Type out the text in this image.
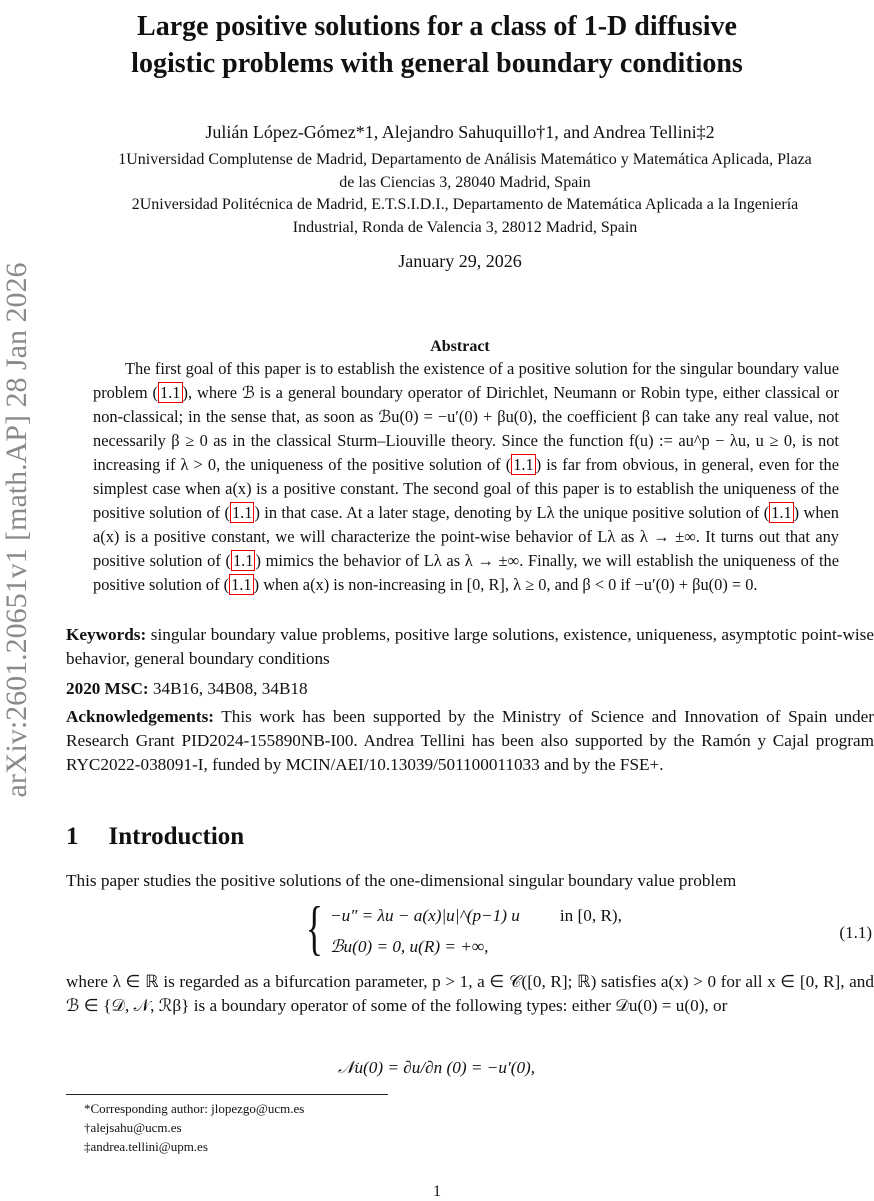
arXiv:2601.20651v1 [math.AP] 28 Jan 2026
Large positive solutions for a class of 1-D diffusive
logistic problems with general boundary conditions
Julián López-Gómez*1, Alejandro Sahuquillo†1, and Andrea Tellini‡2
1Universidad Complutense de Madrid, Departamento de Análisis Matemático y Matemática Aplicada, Plaza
de las Ciencias 3, 28040 Madrid, Spain
2Universidad Politécnica de Madrid, E.T.S.I.D.I., Departamento de Matemática Aplicada a la Ingeniería
Industrial, Ronda de Valencia 3, 28012 Madrid, Spain
January 29, 2026
Abstract
The first goal of this paper is to establish the existence of a positive solution for the singular boundary value problem ( 1.1 ), where ℬ is a general boundary operator of Dirichlet, Neumann or Robin type, either classical or non-classical; in the sense that, as soon as ℬu(0) = −u′(0) + βu(0), the coefficient β can take any real value, not necessarily β ≥ 0 as in the classical Sturm–Liouville theory. Since the function f(u) := au^p − λu, u ≥ 0, is not increasing if λ > 0, the uniqueness of the positive solution of ( 1.1 ) is far from obvious, in general, even for the simplest case when a(x) is a positive constant. The second goal of this paper is to establish the uniqueness of the positive solution of ( 1.1 ) in that case. At a later stage, denoting by Lλ the unique positive solution of ( 1.1 ) when a(x) is a positive constant, we will characterize the point-wise behavior of Lλ as λ → ±∞. It turns out that any positive solution of ( 1.1 ) mimics the behavior of Lλ as λ → ±∞. Finally, we will establish the uniqueness of the positive solution of ( 1.1 ) when a(x) is non-increasing in [0, R], λ ≥ 0, and β < 0 if −u′(0) + βu(0) = 0.
Keywords: singular boundary value problems, positive large solutions, existence, uniqueness, asymptotic point-wise behavior, general boundary conditions
2020 MSC: 34B16, 34B08, 34B18
Acknowledgements: This work has been supported by the Ministry of Science and Innovation of Spain under Research Grant PID2024-155890NB-I00. Andrea Tellini has been also supported by the Ramón y Cajal program RYC2022-038091-I, funded by MCIN/AEI/10.13039/501100011033 and by the FSE+.
1 Introduction
This paper studies the positive solutions of the one-dimensional singular boundary value problem
{ −u″ = λu − a(x)|u|^(p−1) u in [0, R),
ℬu(0) = 0, u(R) = +∞,
(1.1)
where λ ∈ ℝ is regarded as a bifurcation parameter, p > 1, a ∈ 𝒞([0, R]; ℝ) satisfies a(x) > 0 for all x ∈ [0, R], and ℬ ∈ {𝒟, 𝒩, ℛβ} is a boundary operator of some of the following types: either 𝒟u(0) = u(0), or
𝒩u(0) = ∂u/∂n (0) = −u′(0),
*Corresponding author: jlopezgo@ucm.es
†alejsahu@ucm.es
‡andrea.tellini@upm.es
1
